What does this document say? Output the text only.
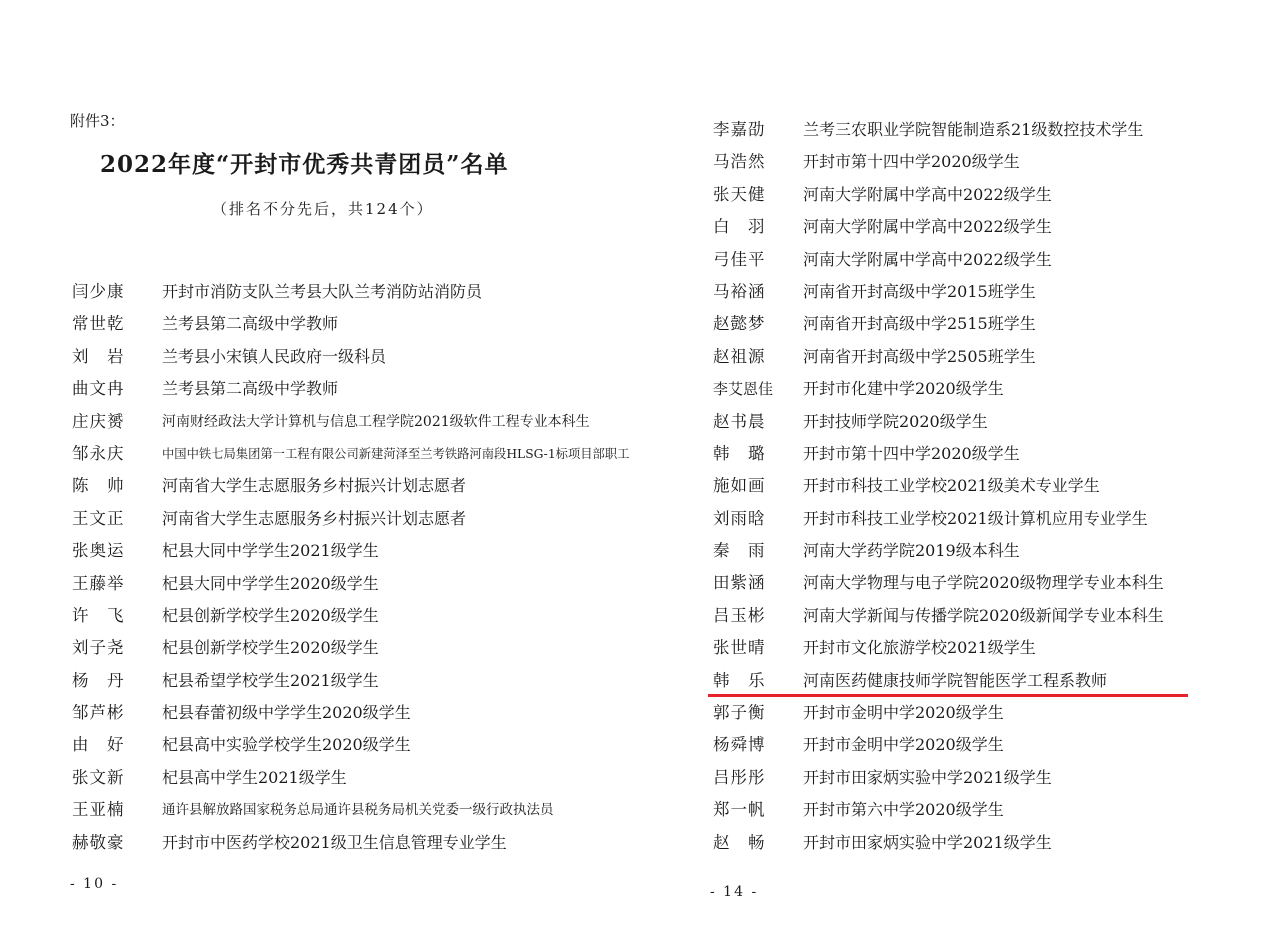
附件3：
2022年度“开封市优秀共青团员”名单
（排名不分先后，共124个）
闫少康	开封市消防支队兰考县大队兰考消防站消防员
常世乾	兰考县第二高级中学教师
刘　岩	兰考县小宋镇人民政府一级科员
曲文冉	兰考县第二高级中学教师
庄庆赟	河南财经政法大学计算机与信息工程学院2021级软件工程专业本科生
邹永庆	中国中铁七局集团第一工程有限公司新建菏泽至兰考铁路河南段HLSG-1标项目部职工
陈　帅	河南省大学生志愿服务乡村振兴计划志愿者
王文正	河南省大学生志愿服务乡村振兴计划志愿者
张奥运	杞县大同中学学生2021级学生
王藤举	杞县大同中学学生2020级学生
许　飞	杞县创新学校学生2020级学生
刘子尧	杞县创新学校学生2020级学生
杨　丹	杞县希望学校学生2021级学生
邹芦彬	杞县春蕾初级中学学生2020级学生
由　好	杞县高中实验学校学生2020级学生
张文新	杞县高中学生2021级学生
王亚楠	通许县解放路国家税务总局通许县税务局机关党委一级行政执法员
赫敬豪	开封市中医药学校2021级卫生信息管理专业学生
- 10 -
李嘉劭	兰考三农职业学院智能制造系21级数控技术学生
马浩然	开封市第十四中学2020级学生
张天健	河南大学附属中学高中2022级学生
白　羽	河南大学附属中学高中2022级学生
弓佳平	河南大学附属中学高中2022级学生
马裕涵	河南省开封高级中学2015班学生
赵懿梦	河南省开封高级中学2515班学生
赵祖源	河南省开封高级中学2505班学生
李艾恩佳	开封市化建中学2020级学生
赵书晨	开封技师学院2020级学生
韩　璐	开封市第十四中学2020级学生
施如画	开封市科技工业学校2021级美术专业学生
刘雨晗	开封市科技工业学校2021级计算机应用专业学生
秦　雨	河南大学药学院2019级本科生
田紫涵	河南大学物理与电子学院2020级物理学专业本科生
吕玉彬	河南大学新闻与传播学院2020级新闻学专业本科生
张世晴	开封市文化旅游学校2021级学生
韩　乐	河南医药健康技师学院智能医学工程系教师
郭子衡	开封市金明中学2020级学生
杨舜博	开封市金明中学2020级学生
吕彤彤	开封市田家炳实验中学2021级学生
郑一帆	开封市第六中学2020级学生
赵　畅	开封市田家炳实验中学2021级学生
- 14 -
